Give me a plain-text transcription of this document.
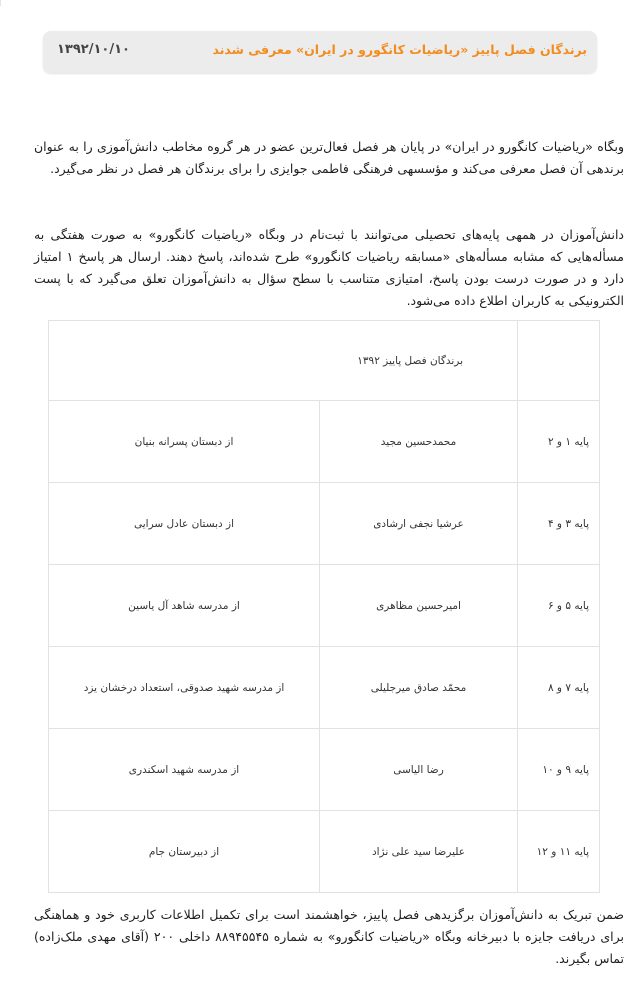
برندگان فصل پاییز «ریاضیات کانگورو در ایران» معرفی شدند
۱۳۹۲/۱۰/۱۰

وبگاه «ریاضیات کانگورو در ایران» در پایان هر فصل فعال‌ترین عضو در هر گروه مخاطب دانش‌آموزی را به عنوان برندهی آن فصل معرفی می‌کند و مؤسسهی فرهنگی فاطمی جوایزی را برای برندگان هر فصل در نظر می‌گیرد.

دانش‌آموزان در همهی پایه‌های تحصیلی می‌توانند با ثبت‌نام در وبگاه «ریاضیات کانگورو» به صورت هفتگی به مسأله‌هایی که مشابه مسأله‌های «مسابقه ریاضیات کانگورو» طرح شده‌اند، پاسخ دهند. ارسال هر پاسخ ۱ امتیاز دارد و در صورت درست بودن پاسخ، امتیازی متناسب با سطح سؤال به دانش‌آموزان تعلق می‌گیرد که با پست الکترونیکی به کاربران اطلاع داده می‌شود.

	برندگان فصل پاییز ۱۳۹۲	
پایه ۱ و ۲	محمدحسین مجید	از دبستان پسرانه بنیان
پایه ۳ و ۴	عرشیا نجفی ارشادی	از دبستان عادل سرایی
پایه ۵ و ۶	امیرحسین مظاهری	از مدرسه شاهد آل یاسین
پایه ۷ و ۸	محمّد صادق میرجلیلی	از مدرسه شهید صدوقی، استعداد درخشان یزد
پایه ۹ و ۱۰	رضا الیاسی	از مدرسه شهید اسکندری
پایه ۱۱ و ۱۲	علیرضا سید علی نژاد	از دبیرستان جام

ضمن تبریک به دانش‌آموزان برگزیدهی فصل پاییز، خواهشمند است برای تکمیل اطلاعات کاربری خود و هماهنگی برای دریافت جایزه با دبیرخانه وبگاه «ریاضیات کانگورو» به شماره ۸۸۹۴۵۵۴۵ داخلی ۲۰۰ (آقای مهدی ملک‌زاده) تماس بگیرند.
